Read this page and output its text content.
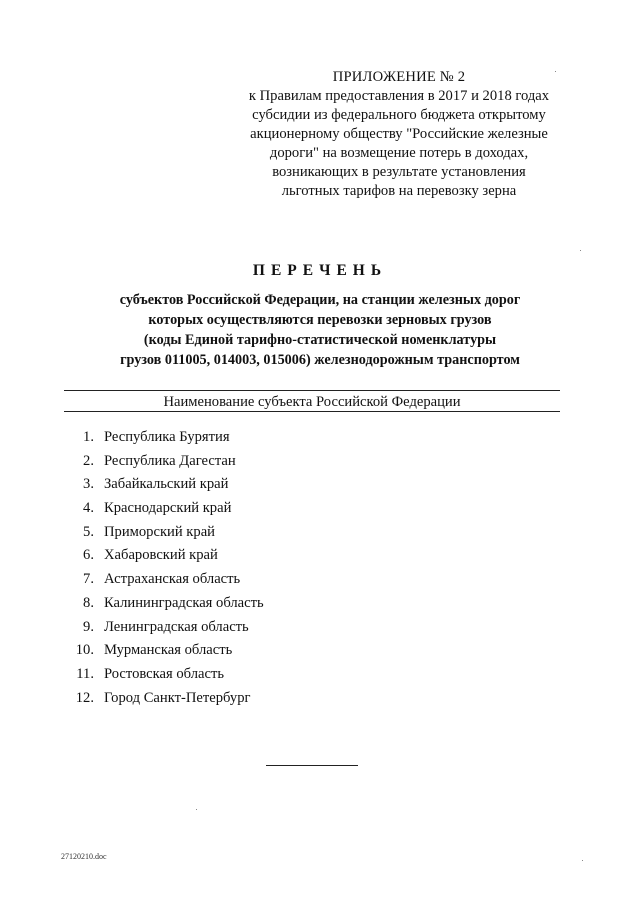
ПРИЛОЖЕНИЕ № 2
к Правилам предоставления в 2017 и 2018 годах
субсидии из федерального бюджета открытому
акционерному обществу "Российские железные
дороги" на возмещение потерь в доходах,
возникающих в результате установления
льготных тарифов на перевозку зерна
ПЕРЕЧЕНЬ
субъектов Российской Федерации, на станции железных дорог
которых осуществляются перевозки зерновых грузов
(коды Единой тарифно-статистической номенклатуры
грузов 011005, 014003, 015006) железнодорожным транспортом
Наименование субъекта Российской Федерации
1. Республика Бурятия
2. Республика Дагестан
3. Забайкальский край
4. Краснодарский край
5. Приморский край
6. Хабаровский край
7. Астраханская область
8. Калининградская область
9. Ленинградская область
10. Мурманская область
11. Ростовская область
12. Город Санкт-Петербург
27120210.doc
